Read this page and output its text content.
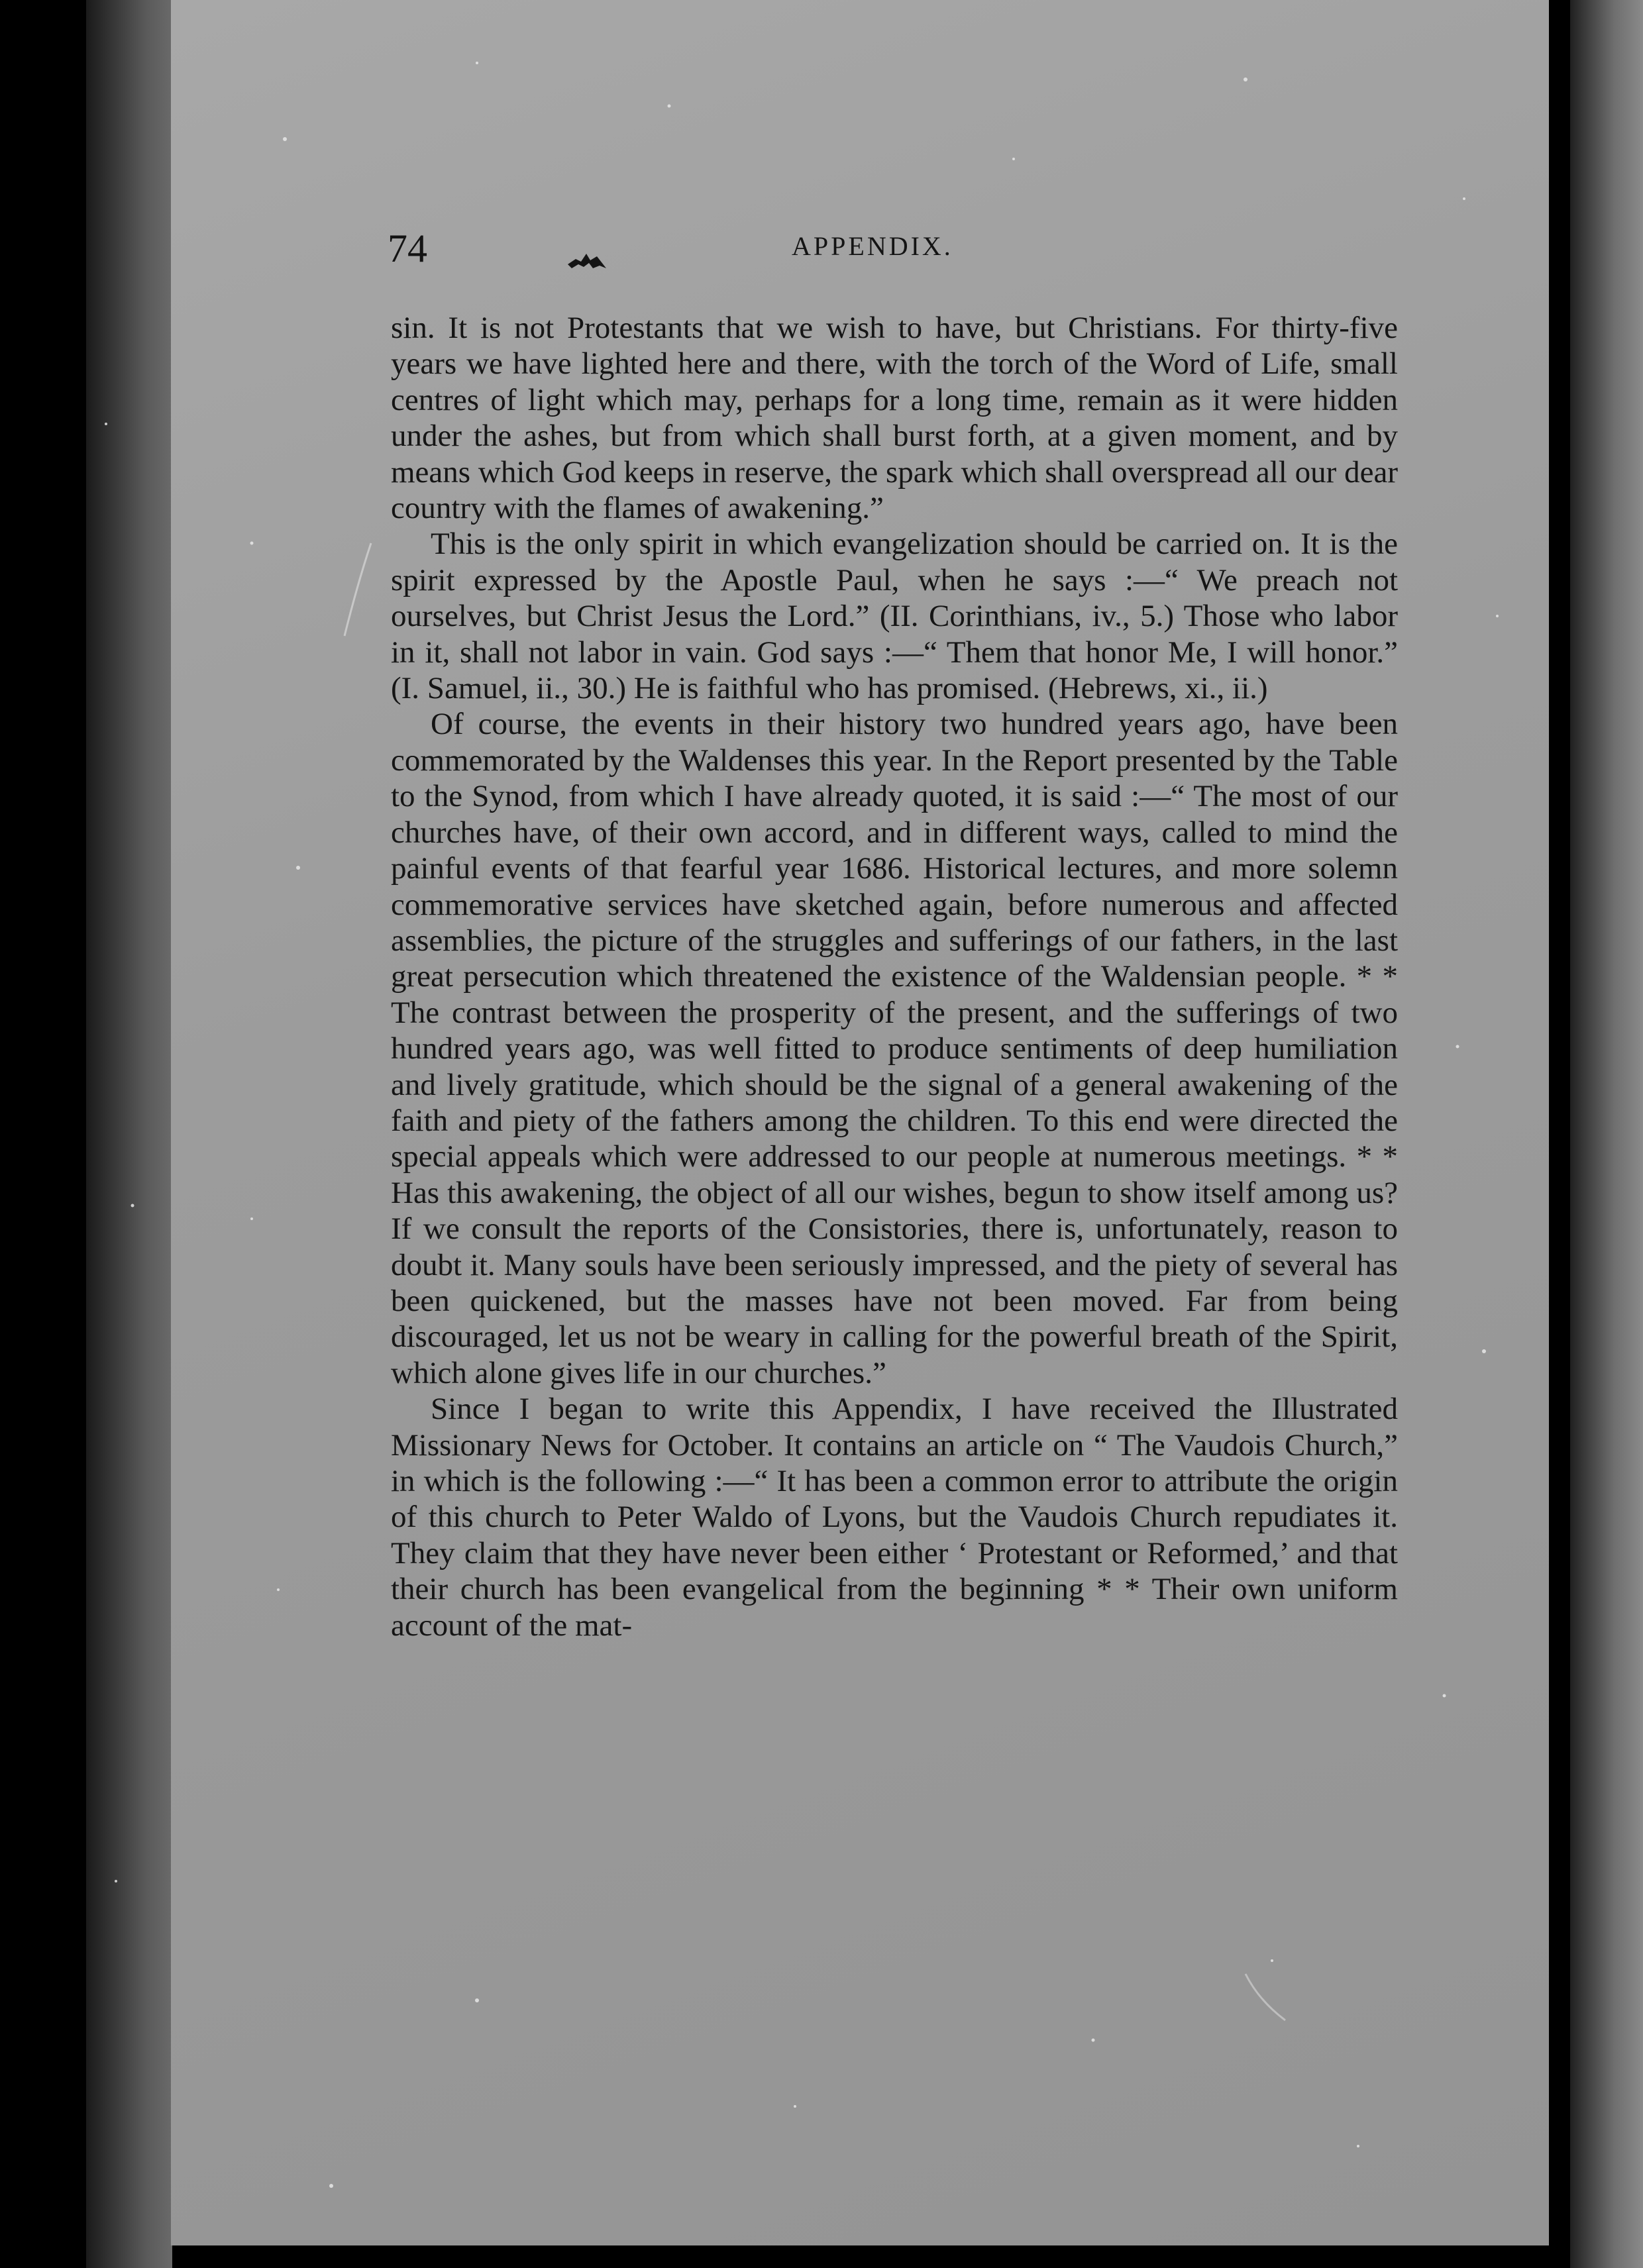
74	APPENDIX.

sin. It is not Protestants that we wish to have, but Christians. For thirty-five years we have lighted here and there, with the torch of the Word of Life, small centres of light which may, perhaps for a long time, remain as it were hidden under the ashes, but from which shall burst forth, at a given moment, and by means which God keeps in reserve, the spark which shall overspread all our dear country with the flames of awakening.”

This is the only spirit in which evangelization should be carried on. It is the spirit expressed by the Apostle Paul, when he says :—“ We preach not ourselves, but Christ Jesus the Lord.” (II. Corinthians, iv., 5.) Those who labor in it, shall not labor in vain. God says :—“ Them that honor Me, I will honor.” (I. Samuel, ii., 30.) He is faithful who has promised. (Hebrews, xi., ii.)

Of course, the events in their history two hundred years ago, have been commemorated by the Waldenses this year. In the Report presented by the Table to the Synod, from which I have already quoted, it is said :—“ The most of our churches have, of their own accord, and in different ways, called to mind the painful events of that fearful year 1686. Historical lectures, and more solemn commemorative services have sketched again, before numerous and affected assemblies, the picture of the struggles and sufferings of our fathers, in the last great persecution which threatened the existence of the Waldensian people. * * The contrast between the prosperity of the present, and the sufferings of two hundred years ago, was well fitted to produce sentiments of deep humiliation and lively gratitude, which should be the signal of a general awakening of the faith and piety of the fathers among the children. To this end were directed the special appeals which were addressed to our people at numerous meetings. * * Has this awakening, the object of all our wishes, begun to show itself among us? If we consult the reports of the Consistories, there is, unfortunately, reason to doubt it. Many souls have been seriously impressed, and the piety of several has been quickened, but the masses have not been moved. Far from being discouraged, let us not be weary in calling for the powerful breath of the Spirit, which alone gives life in our churches.”

Since I began to write this Appendix, I have received the Illustrated Missionary News for October. It contains an article on “ The Vaudois Church,” in which is the following :—“ It has been a common error to attribute the origin of this church to Peter Waldo of Lyons, but the Vaudois Church repudiates it. They claim that they have never been either ‘ Protestant or Reformed,’ and that their church has been evangelical from the beginning * * Their own uniform account of the mat-
